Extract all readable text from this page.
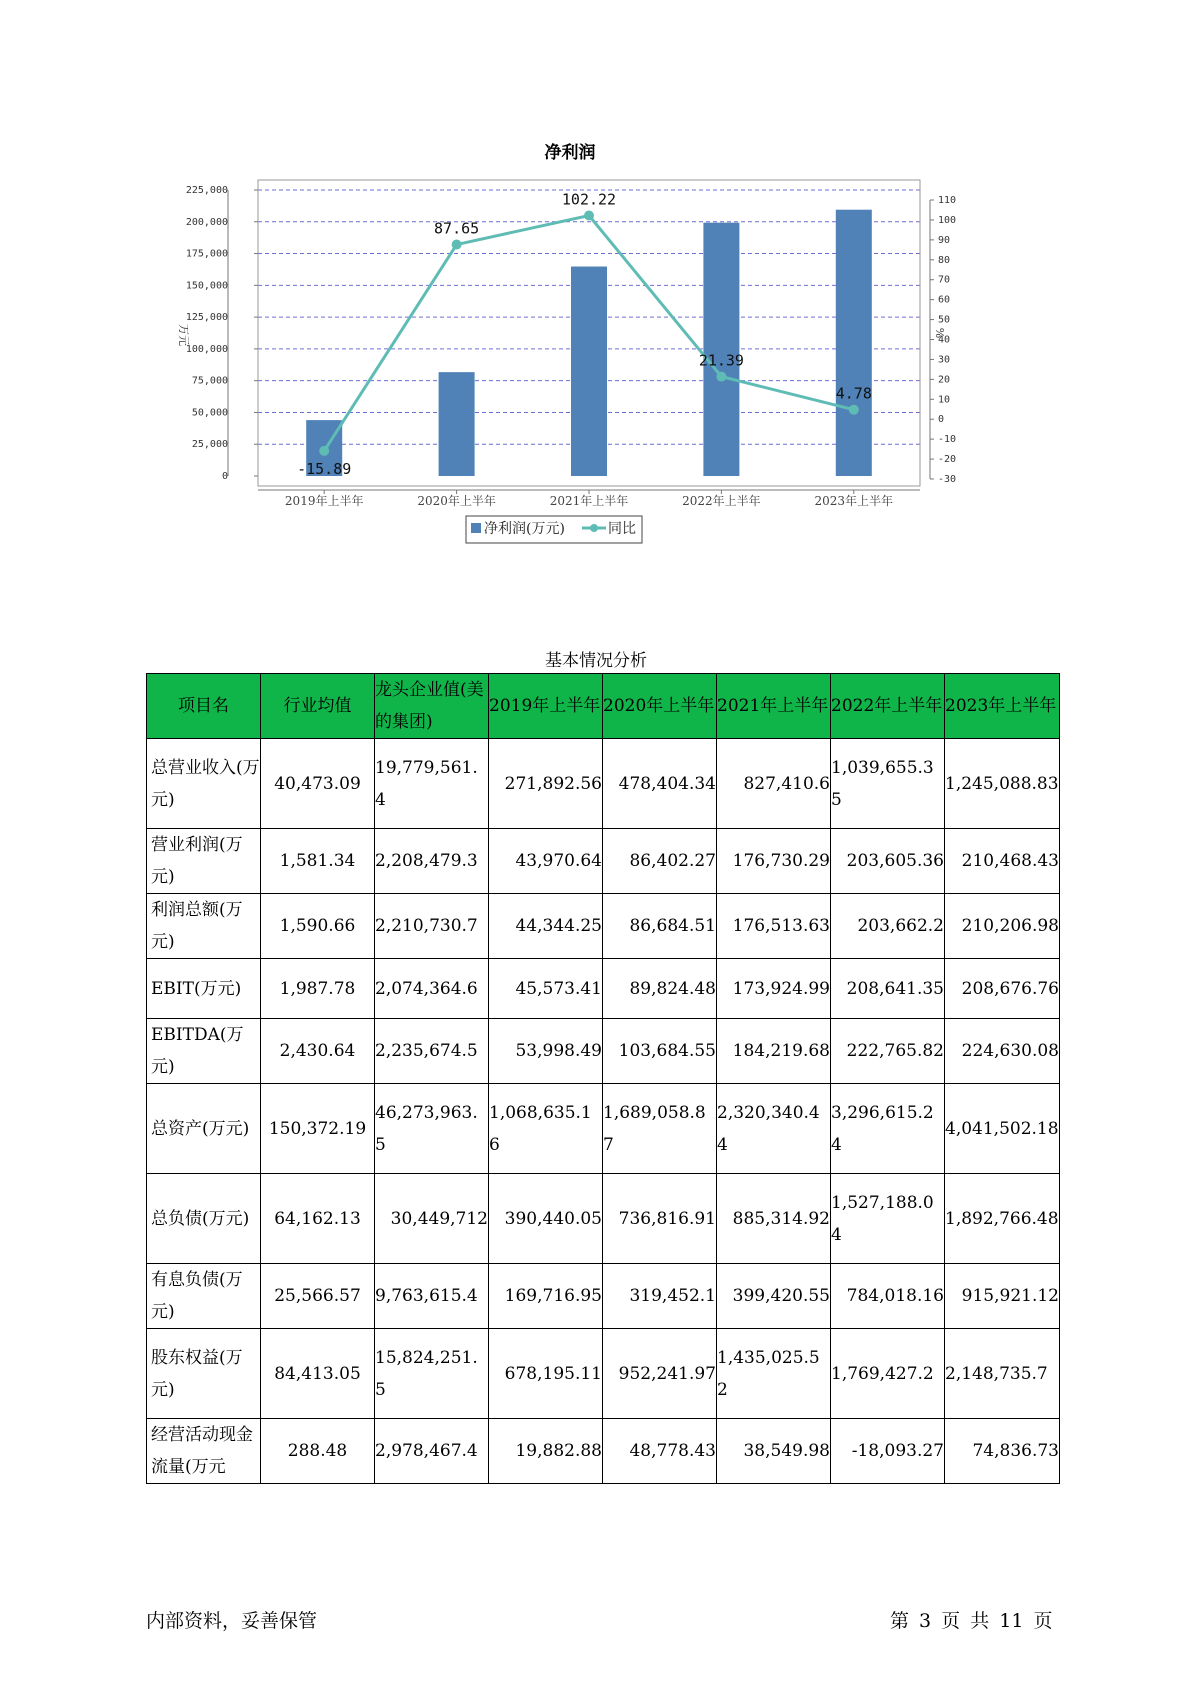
净利润
0
25,000
50,000
75,000
100,000
125,000
150,000
175,000
200,000
225,000
-30
-20
-10
0
10
20
30
40
50
60
70
80
90
100
110
2019年上半年	2020年上半年	2021年上半年	2022年上半年	2023年上半年
-15.89
87.65
102.22
21.39
4.78
万元	%
净利润(万元)	同比
基本情况分析
项目名	行业均值	龙头企业值(美的集团)	2019年上半年	2020年上半年	2021年上半年	2022年上半年	2023年上半年
总营业收入(万元)	40,473.09	19,779,561.4	271,892.56	478,404.34	827,410.6	1,039,655.35	1,245,088.83
营业利润(万元)	1,581.34	2,208,479.3	43,970.64	86,402.27	176,730.29	203,605.36	210,468.43
利润总额(万元)	1,590.66	2,210,730.7	44,344.25	86,684.51	176,513.63	203,662.2	210,206.98
EBIT(万元)	1,987.78	2,074,364.6	45,573.41	89,824.48	173,924.99	208,641.35	208,676.76
EBITDA(万元)	2,430.64	2,235,674.5	53,998.49	103,684.55	184,219.68	222,765.82	224,630.08
总资产(万元)	150,372.19	46,273,963.5	1,068,635.16	1,689,058.87	2,320,340.44	3,296,615.24	4,041,502.18
总负债(万元)	64,162.13	30,449,712	390,440.05	736,816.91	885,314.92	1,527,188.04	1,892,766.48
有息负债(万元)	25,566.57	9,763,615.4	169,716.95	319,452.1	399,420.55	784,018.16	915,921.12
股东权益(万元)	84,413.05	15,824,251.5	678,195.11	952,241.97	1,435,025.52	1,769,427.2	2,148,735.7
经营活动现金流量(万元	288.48	2,978,467.4	19,882.88	48,778.43	38,549.98	-18,093.27	74,836.73
内部资料，妥善保管	第 3 页 共 11 页
